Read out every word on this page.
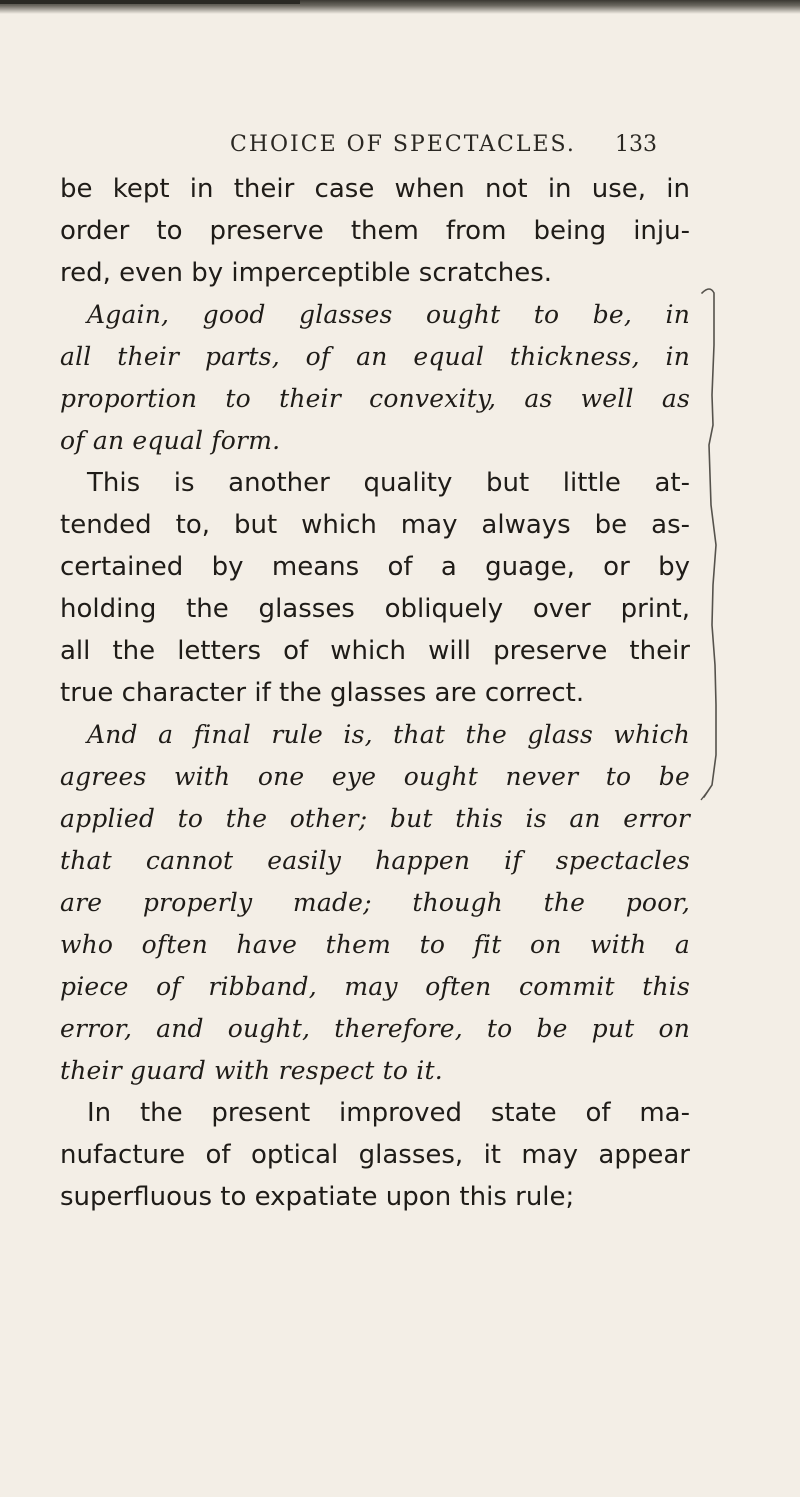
CHOICE OF SPECTACLES. 133
be kept in their case when not in use, in
order to preserve them from being inju-
red, even by imperceptible scratches.
Again, good glasses ought to be, in
all their parts, of an equal thickness, in
proportion to their convexity, as well as
of an equal form.
This is another quality but little at-
tended to, but which may always be as-
certained by means of a guage, or by
holding the glasses obliquely over print,
all the letters of which will preserve their
true character if the glasses are correct.
And a final rule is, that the glass which
agrees with one eye ought never to be
applied to the other; but this is an error
that cannot easily happen if spectacles
are properly made; though the poor,
who often have them to fit on with a
piece of ribband, may often commit this
error, and ought, therefore, to be put on
their guard with respect to it.
In the present improved state of ma-
nufacture of optical glasses, it may appear
superfluous to expatiate upon this rule;
